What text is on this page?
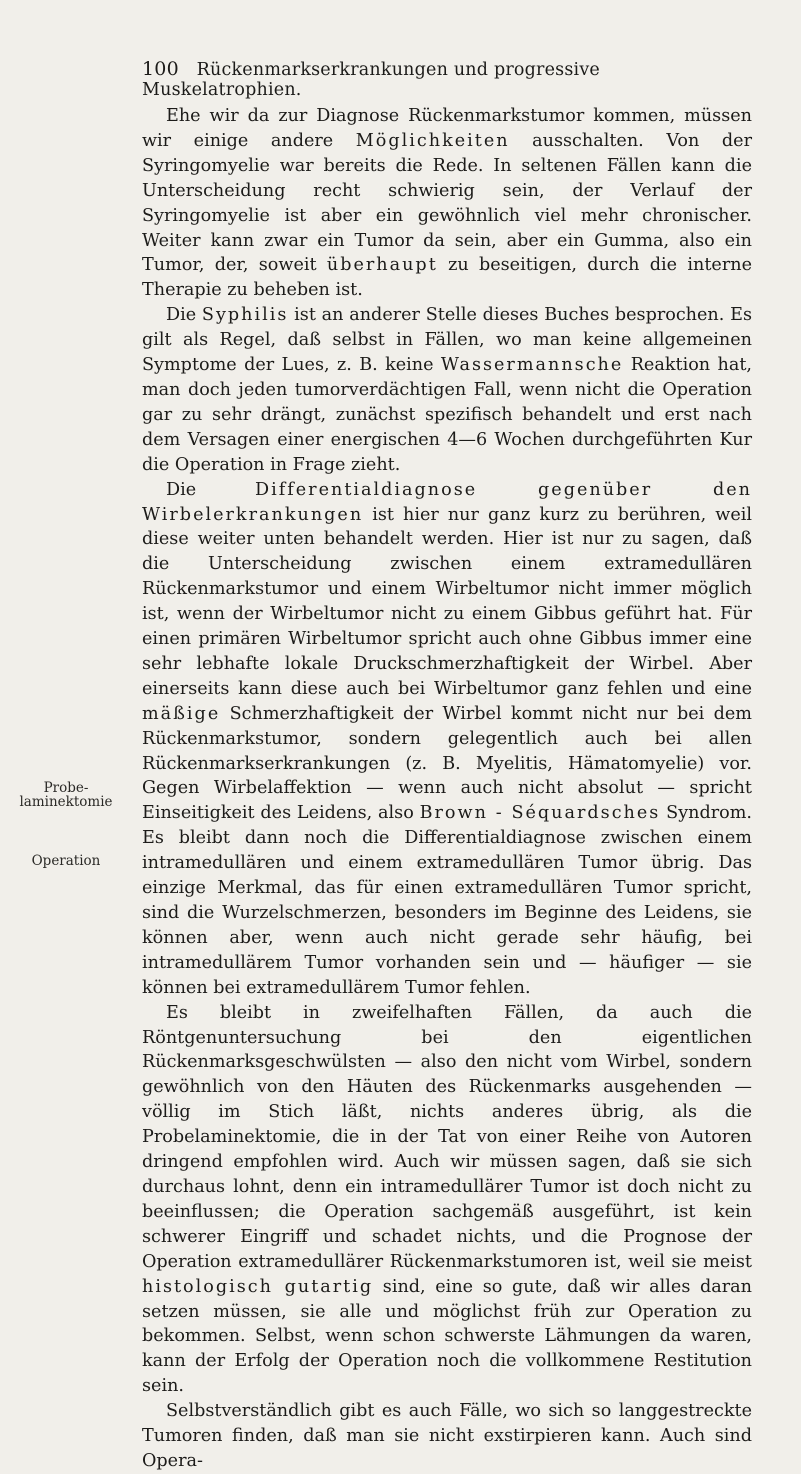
100 Rückenmarkserkrankungen und progressive Muskelatrophien.
Probe-laminektomie
Operation

Ehe wir da zur Diagnose Rückenmarkstumor kommen, müssen wir einige andere Möglichkeiten ausschalten. Von der Syringomyelie war bereits die Rede. In seltenen Fällen kann die Unterscheidung recht schwierig sein, der Verlauf der Syringomyelie ist aber ein gewöhnlich viel mehr chronischer. Weiter kann zwar ein Tumor da sein, aber ein Gumma, also ein Tumor, der, soweit überhaupt zu beseitigen, durch die interne Therapie zu beheben ist.

Die Syphilis ist an anderer Stelle dieses Buches besprochen. Es gilt als Regel, daß selbst in Fällen, wo man keine allgemeinen Symptome der Lues, z. B. keine Wassermannsche Reaktion hat, man doch jeden tumorverdächtigen Fall, wenn nicht die Operation gar zu sehr drängt, zunächst spezifisch behandelt und erst nach dem Versagen einer energischen 4—6 Wochen durchgeführten Kur die Operation in Frage zieht.

Die Differentialdiagnose gegenüber den Wirbelerkrankungen ist hier nur ganz kurz zu berühren, weil diese weiter unten behandelt werden. Hier ist nur zu sagen, daß die Unterscheidung zwischen einem extramedullären Rückenmarkstumor und einem Wirbeltumor nicht immer möglich ist, wenn der Wirbeltumor nicht zu einem Gibbus geführt hat. Für einen primären Wirbeltumor spricht auch ohne Gibbus immer eine sehr lebhafte lokale Druckschmerzhaftigkeit der Wirbel. Aber einerseits kann diese auch bei Wirbeltumor ganz fehlen und eine mäßige Schmerzhaftigkeit der Wirbel kommt nicht nur bei dem Rückenmarkstumor, sondern gelegentlich auch bei allen Rückenmarkserkrankungen (z. B. Myelitis, Hämatomyelie) vor. Gegen Wirbelaffektion — wenn auch nicht absolut — spricht Einseitigkeit des Leidens, also Brown - Séquardsches Syndrom. Es bleibt dann noch die Differentialdiagnose zwischen einem intramedullären und einem extramedullären Tumor übrig. Das einzige Merkmal, das für einen extramedullären Tumor spricht, sind die Wurzelschmerzen, besonders im Beginne des Leidens, sie können aber, wenn auch nicht gerade sehr häufig, bei intramedullärem Tumor vorhanden sein und — häufiger — sie können bei extramedullärem Tumor fehlen.

Es bleibt in zweifelhaften Fällen, da auch die Röntgenuntersuchung bei den eigentlichen Rückenmarksgeschwülsten — also den nicht vom Wirbel, sondern gewöhnlich von den Häuten des Rückenmarks ausgehenden — völlig im Stich läßt, nichts anderes übrig, als die Probelaminektomie, die in der Tat von einer Reihe von Autoren dringend empfohlen wird. Auch wir müssen sagen, daß sie sich durchaus lohnt, denn ein intramedullärer Tumor ist doch nicht zu beeinflussen; die Operation sachgemäß ausgeführt, ist kein schwerer Eingriff und schadet nichts, und die Prognose der Operation extramedullärer Rückenmarkstumoren ist, weil sie meist histologisch gutartig sind, eine so gute, daß wir alles daran setzen müssen, sie alle und möglichst früh zur Operation zu bekommen. Selbst, wenn schon schwerste Lähmungen da waren, kann der Erfolg der Operation noch die vollkommene Restitution sein.

Selbstverständlich gibt es auch Fälle, wo sich so langgestreckte Tumoren finden, daß man sie nicht exstirpieren kann. Auch sind Opera-
